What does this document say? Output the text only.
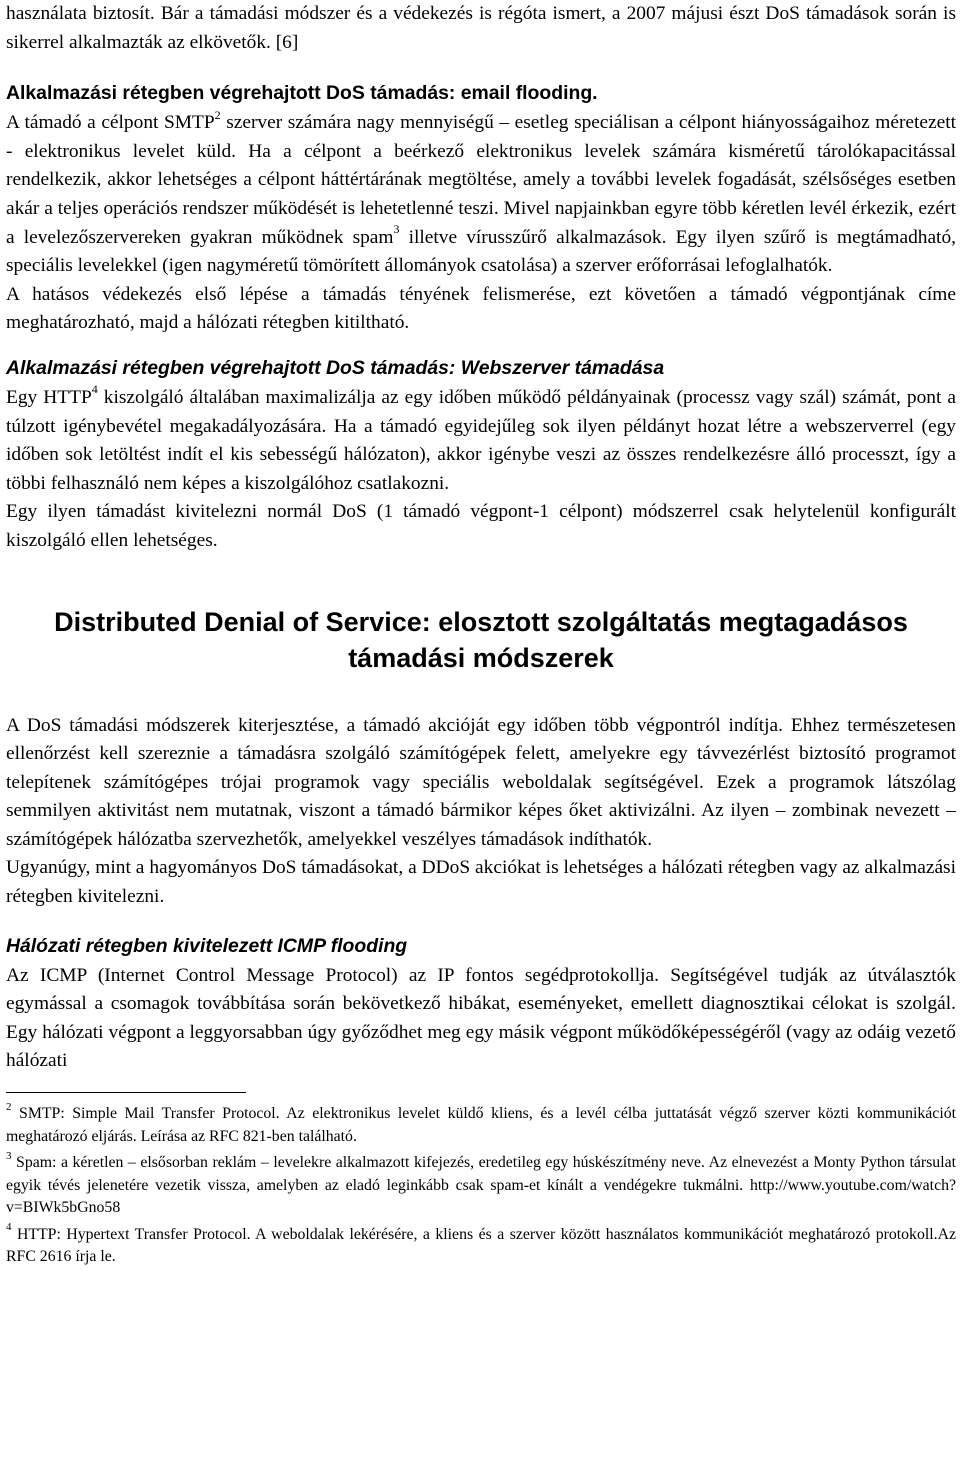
használata biztosít. Bár a támadási módszer és a védekezés is régóta ismert, a 2007 májusi észt DoS támadások során is sikerrel alkalmazták az elkövetők. [6]

Alkalmazási rétegben végrehajtott DoS támadás: email flooding.

A támadó a célpont SMTP$^2$ szerver számára nagy mennyiségű – esetleg speciálisan a célpont hiányosságaihoz méretezett - elektronikus levelet küld. Ha a célpont a beérkező elektronikus levelek számára kisméretű tárolókapacitással rendelkezik, akkor lehetséges a célpont háttértárának megtöltése, amely a további levelek fogadását, szélsőséges esetben akár a teljes operációs rendszer működését is lehetetlenné teszi. Mivel napjainkban egyre több kéretlen levél érkezik, ezért a levelezőszervereken gyakran működnek spam$^3$ illetve vírusszűrő alkalmazások. Egy ilyen szűrő is megtámadható, speciális levelekkel (igen nagyméretű tömörített állományok csatolása) a szerver erőforrásai lefoglalhatók.

A hatásos védekezés első lépése a támadás tényének felismerése, ezt követően a támadó végpontjának címe meghatározható, majd a hálózati rétegben kitiltható.

Alkalmazási rétegben végrehajtott DoS támadás: Webszerver támadása

Egy HTTP$^4$ kiszolgáló általában maximalizálja az egy időben működő példányainak (processz vagy szál) számát, pont a túlzott igénybevétel megakadályozására. Ha a támadó egyidejűleg sok ilyen példányt hozat létre a webszerverrel (egy időben sok letöltést indít el kis sebességű hálózaton), akkor igénybe veszi az összes rendelkezésre álló processzt, így a többi felhasználó nem képes a kiszolgálóhoz csatlakozni.

Egy ilyen támadást kivitelezni normál DoS (1 támadó végpont-1 célpont) módszerrel csak helytelenül konfigurált kiszolgáló ellen lehetséges.

Distributed Denial of Service: elosztott szolgáltatás megtagadásos támadási módszerek

A DoS támadási módszerek kiterjesztése, a támadó akcióját egy időben több végpontról indítja. Ehhez természetesen ellenőrzést kell szereznie a támadásra szolgáló számítógépek felett, amelyekre egy távvezérlést biztosító programot telepítenek számítógépes trójai programok vagy speciális weboldalak segítségével. Ezek a programok látszólag semmilyen aktivitást nem mutatnak, viszont a támadó bármikor képes őket aktivizálni. Az ilyen – zombinak nevezett – számítógépek hálózatba szervezhetők, amelyekkel veszélyes támadások indíthatók.

Ugyanúgy, mint a hagyományos DoS támadásokat, a DDoS akciókat is lehetséges a hálózati rétegben vagy az alkalmazási rétegben kivitelezni.

Hálózati rétegben kivitelezett ICMP flooding

Az ICMP (Internet Control Message Protocol) az IP fontos segédprotokollja. Segítségével tudják az útválasztók egymással a csomagok továbbítása során bekövetkező hibákat, eseményeket, emellett diagnosztikai célokat is szolgál. Egy hálózati végpont a leggyorsabban úgy győződhet meg egy másik végpont működőképességéről (vagy az odáig vezető hálózati

$^2$ SMTP: Simple Mail Transfer Protocol. Az elektronikus levelet küldő kliens, és a levél célba juttatását végző szerver közti kommunikációt meghatározó eljárás. Leírása az RFC 821-ben található.

$^3$ Spam: a kéretlen – elsősorban reklám – levelekre alkalmazott kifejezés, eredetileg egy húskészítmény neve. Az elnevezést a Monty Python társulat egyik tévés jelenetére vezetik vissza, amelyben az eladó leginkább csak spam-et kínált a vendégekre tukmálni. http://www.youtube.com/watch?v=BIWk5bGno58

$^4$ HTTP: Hypertext Transfer Protocol. A weboldalak lekérésére, a kliens és a szerver között használatos kommunikációt meghatározó protokoll.Az RFC 2616 írja le.
